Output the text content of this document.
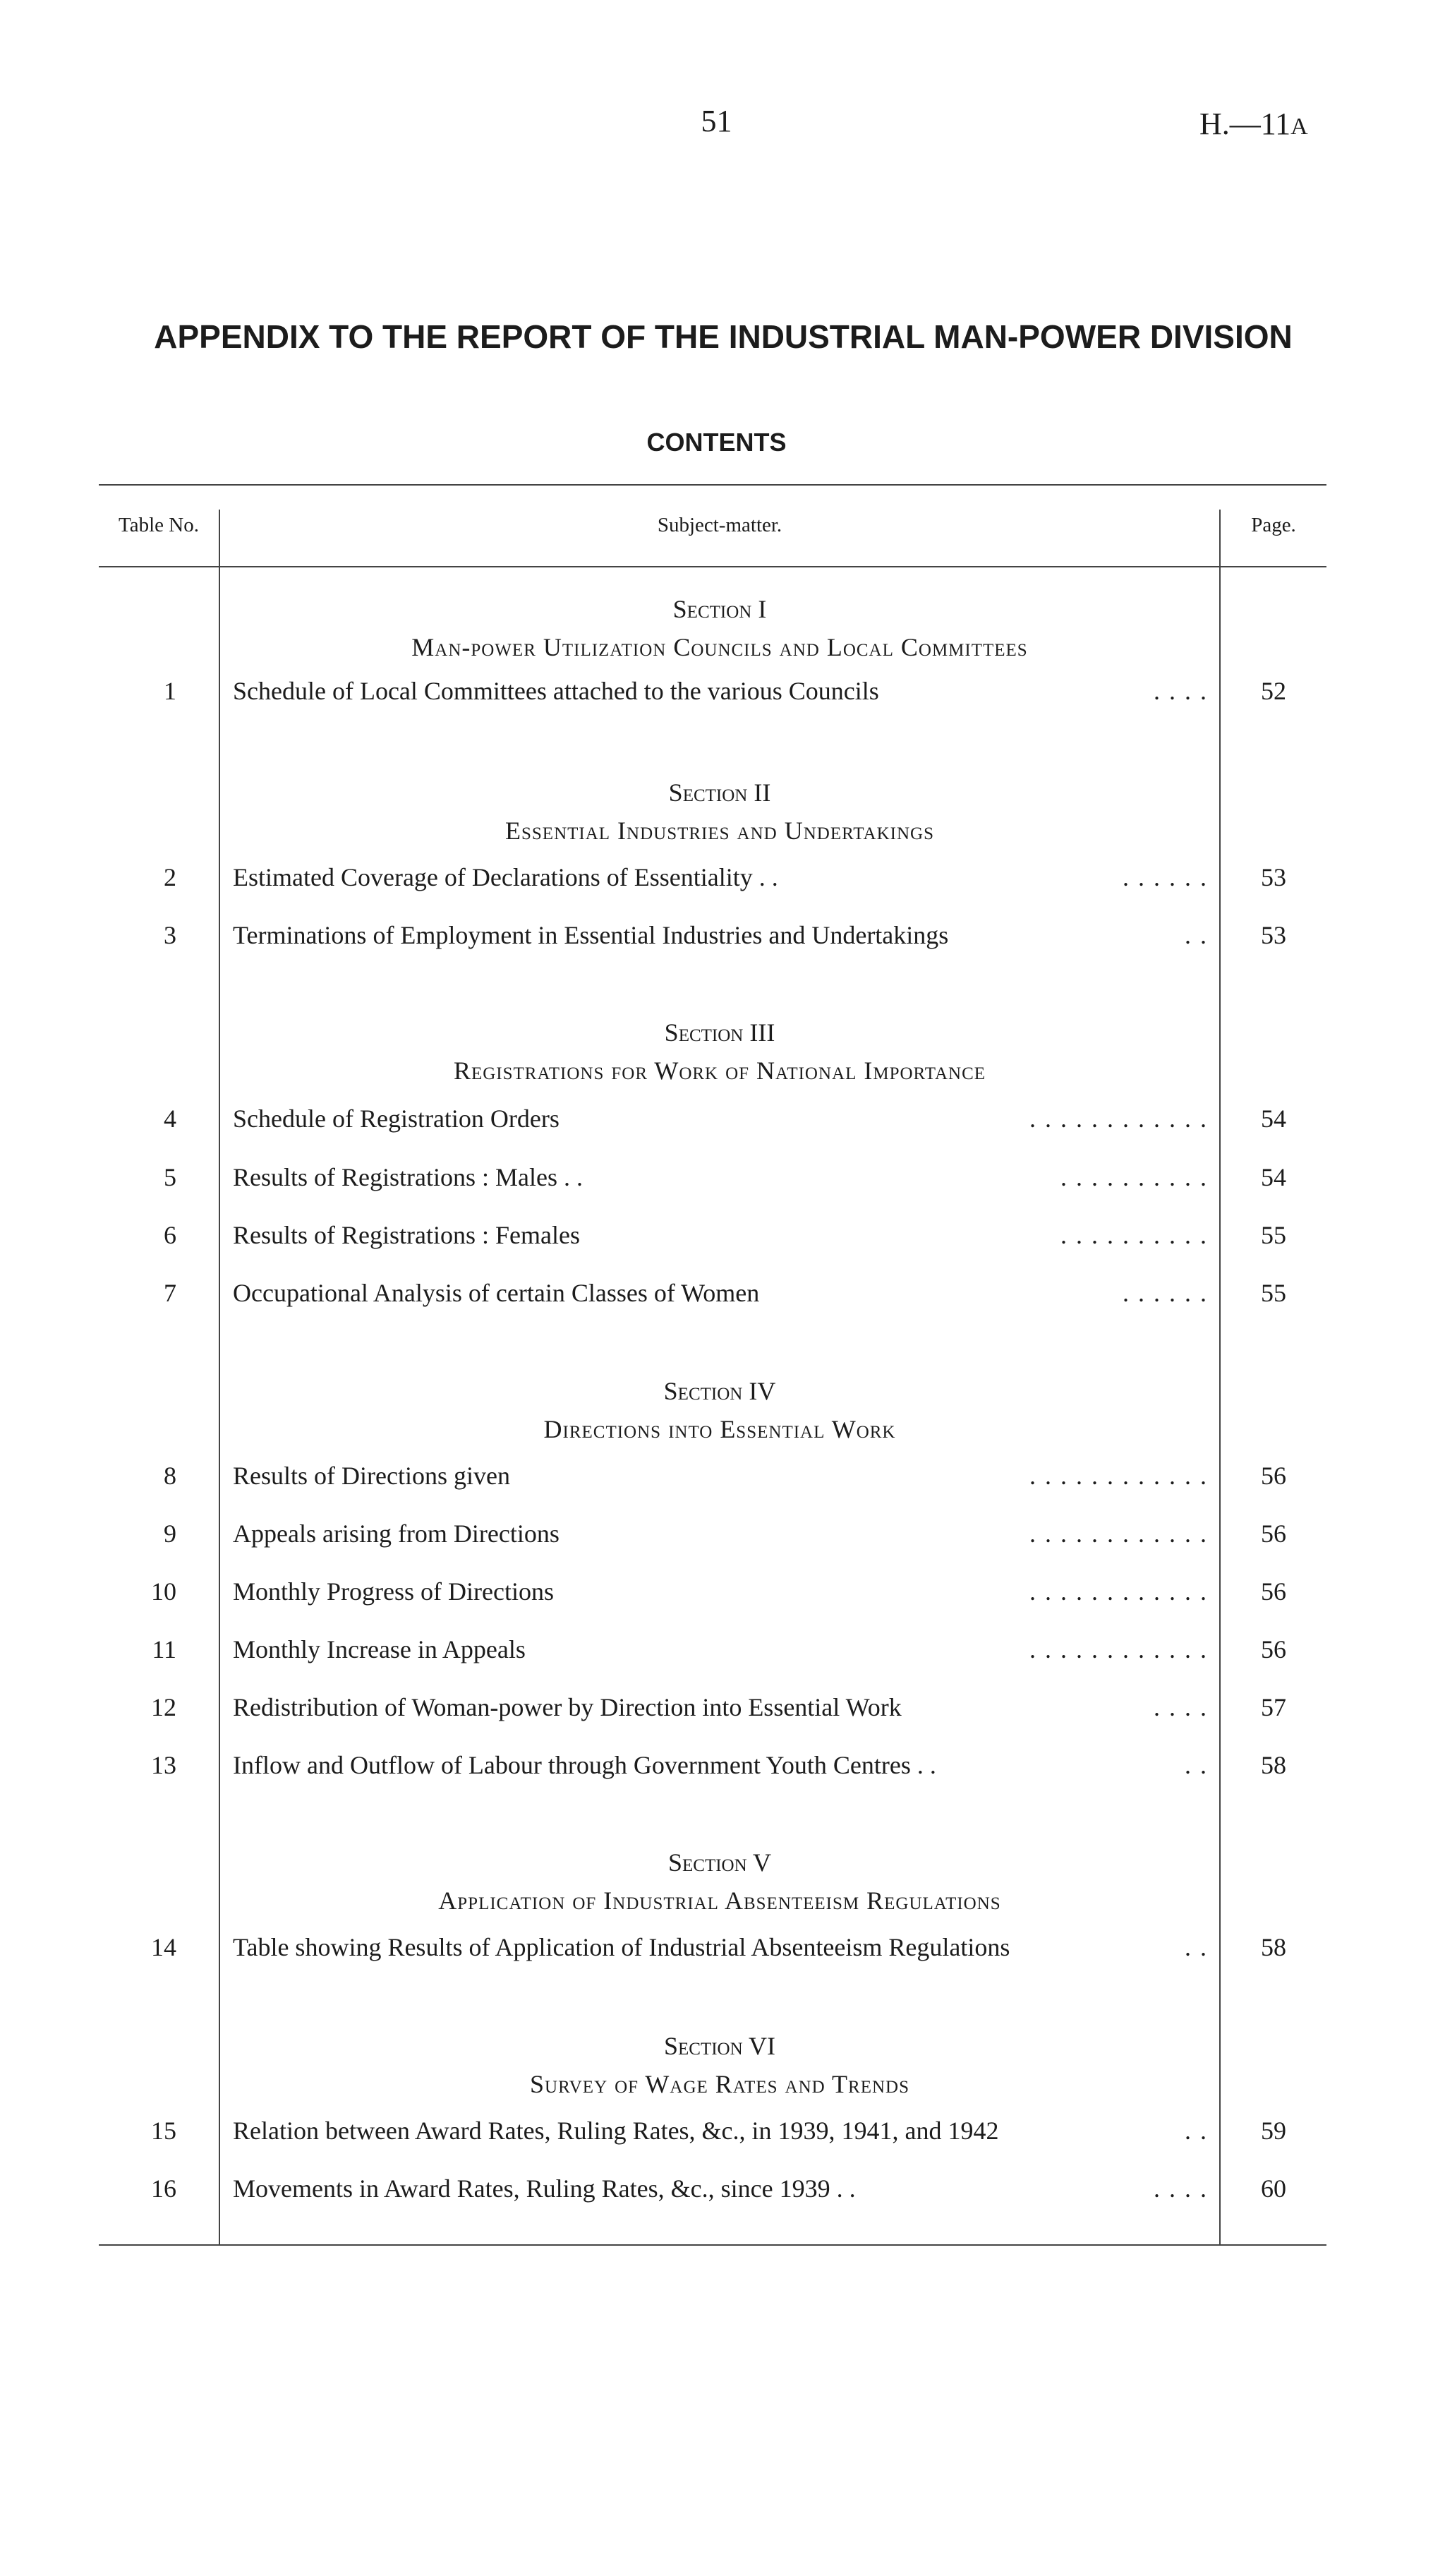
51	H.—11A
APPENDIX TO THE REPORT OF THE INDUSTRIAL MAN-POWER DIVISION
CONTENTS
Table No.	Subject-matter.	Page.
Section I
Man-power Utilization Councils and Local Committees
1 Schedule of Local Committees attached to the various Councils	. . . .	52
Section II
Essential Industries and Undertakings
2 Estimated Coverage of Declarations of Essentiality . .	. . . . . .	53
3 Terminations of Employment in Essential Industries and Undertakings	. .	53
Section III
Registrations for Work of National Importance
4 Schedule of Registration Orders	. . . . . . . . . . . .	54
5 Results of Registrations : Males . .	. . . . . . . . . .	54
6 Results of Registrations : Females	. . . . . . . . . .	55
7 Occupational Analysis of certain Classes of Women	. . . . . .	55
Section IV
Directions into Essential Work
8 Results of Directions given	. . . . . . . . . . . .	56
9 Appeals arising from Directions	. . . . . . . . . . . .	56
10 Monthly Progress of Directions	. . . . . . . . . . . .	56
11 Monthly Increase in Appeals	. . . . . . . . . . . .	56
12 Redistribution of Woman-power by Direction into Essential Work	. . . .	57
13 Inflow and Outflow of Labour through Government Youth Centres . .	. .	58
Section V
Application of Industrial Absenteeism Regulations
14 Table showing Results of Application of Industrial Absenteeism Regulations	. .	58
Section VI
Survey of Wage Rates and Trends
15 Relation between Award Rates, Ruling Rates, &c., in 1939, 1941, and 1942	. .	59
16 Movements in Award Rates, Ruling Rates, &c., since 1939 . .	. . . .	60
